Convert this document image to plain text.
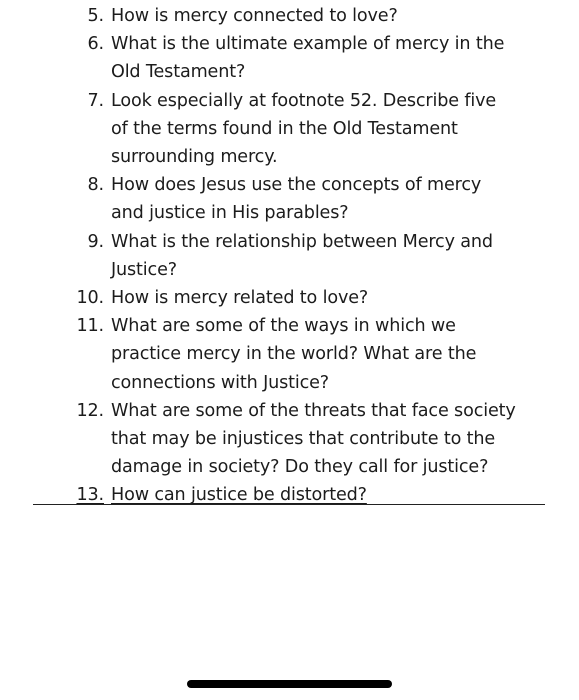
5. How is mercy connected to love?
6. What is the ultimate example of mercy in the
Old Testament?
7. Look especially at footnote 52. Describe five
of the terms found in the Old Testament
surrounding mercy.
8. How does Jesus use the concepts of mercy
and justice in His parables?
9. What is the relationship between Mercy and
Justice?
10. How is mercy related to love?
11. What are some of the ways in which we
practice mercy in the world? What are the
connections with Justice?
12. What are some of the threats that face society
that may be injustices that contribute to the
damage in society? Do they call for justice?
13. How can justice be distorted?
